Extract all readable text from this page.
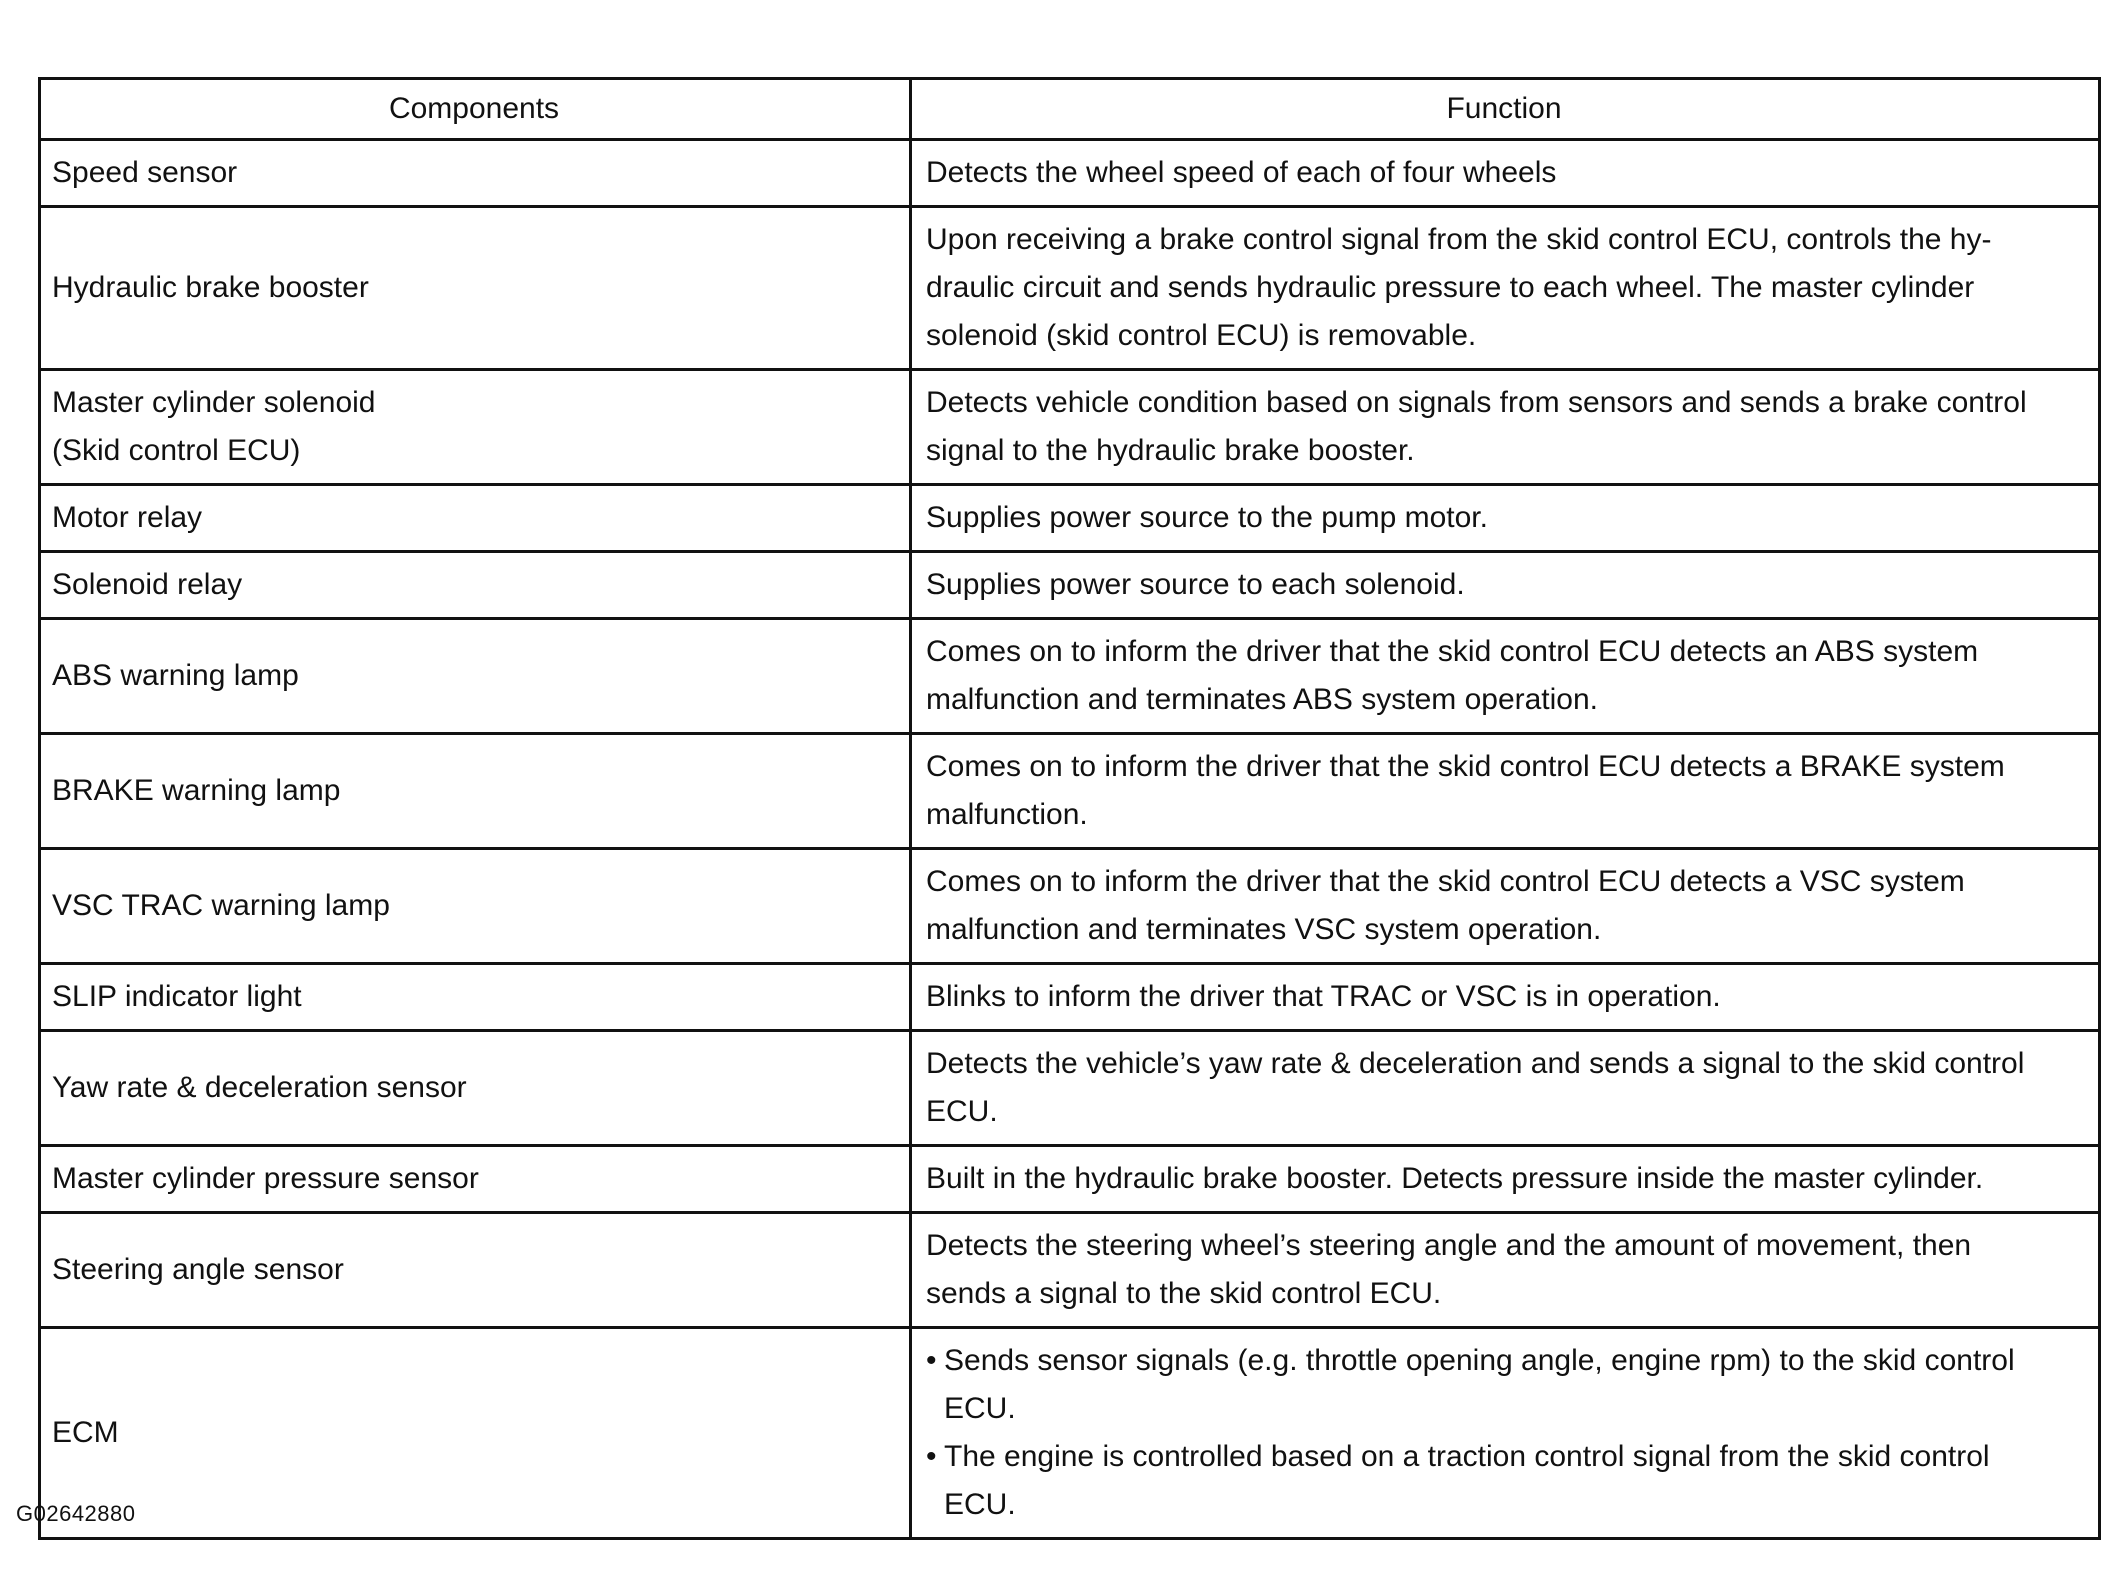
Components	Function

Speed sensor	Detects the wheel speed of each of four wheels

Hydraulic brake booster	Upon receiving a brake control signal from the skid control ECU, controls the hy-
draulic circuit and sends hydraulic pressure to each wheel. The master cylinder
solenoid (skid control ECU) is removable.

Master cylinder solenoid
(Skid control ECU)	Detects vehicle condition based on signals from sensors and sends a brake control
signal to the hydraulic brake booster.

Motor relay	Supplies power source to the pump motor.

Solenoid relay	Supplies power source to each solenoid.

ABS warning lamp	Comes on to inform the driver that the skid control ECU detects an ABS system
malfunction and terminates ABS system operation.

BRAKE warning lamp	Comes on to inform the driver that the skid control ECU detects a BRAKE system
malfunction.

VSC TRAC warning lamp	Comes on to inform the driver that the skid control ECU detects a VSC system
malfunction and terminates VSC system operation.

SLIP indicator light	Blinks to inform the driver that TRAC or VSC is in operation.

Yaw rate & deceleration sensor	Detects the vehicle’s yaw rate & deceleration and sends a signal to the skid control
ECU.

Master cylinder pressure sensor	Built in the hydraulic brake booster. Detects pressure inside the master cylinder.

Steering angle sensor	Detects the steering wheel’s steering angle and the amount of movement, then
sends a signal to the skid control ECU.

ECM	• Sends sensor signals (e.g. throttle opening angle, engine rpm) to the skid control
ECU.
• The engine is controlled based on a traction control signal from the skid control
ECU.
G02642880
